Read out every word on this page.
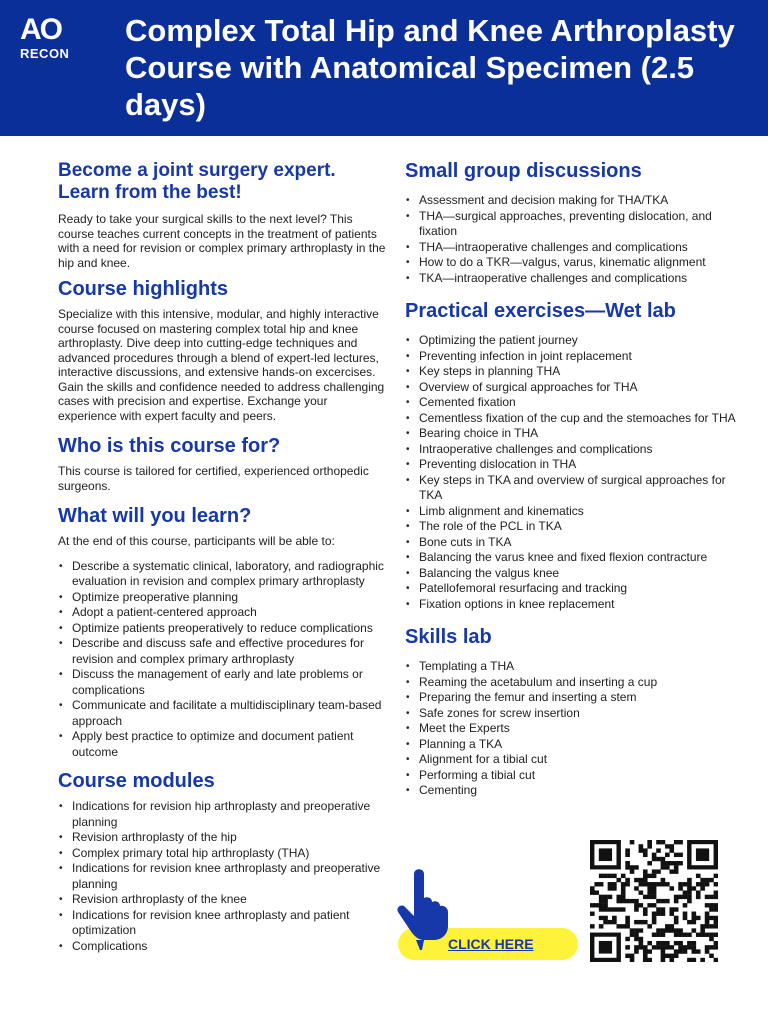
AO
RECON
Complex Total Hip and Knee Arthroplasty Course with Anatomical Specimen (2.5 days)
Become a joint surgery expert. Learn from the best!

Ready to take your surgical skills to the next level? This course teaches current concepts in the treatment of patients with a need for revision or complex primary arthroplasty in the hip and knee.

Course highlights

Specialize with this intensive, modular, and highly interactive course focused on mastering complex total hip and knee arthroplasty. Dive deep into cutting-edge techniques and advanced procedures through a blend of expert-led lectures, interactive discussions, and extensive hands-on excercises. Gain the skills and confidence needed to address challenging cases with precision and expertise. Exchange your experience with expert faculty and peers.

Who is this course for?

This course is tailored for certified, experienced orthopedic surgeons.

What will you learn?

At the end of this course, participants will be able to:

• Describe a systematic clinical, laboratory, and radiographic evaluation in revision and complex primary arthroplasty
• Optimize preoperative planning
• Adopt a patient-centered approach
• Optimize patients preoperatively to reduce complications
• Describe and discuss safe and effective procedures for revision and complex primary arthroplasty
• Discuss the management of early and late problems or complications
• Communicate and facilitate a multidisciplinary team-based approach
• Apply best practice to optimize and document patient outcome
Course modules
• Indications for revision hip arthroplasty and preoperative planning
• Revision arthroplasty of the hip
• Complex primary total hip arthroplasty (THA)
• Indications for revision knee arthroplasty and preoperative planning
• Revision arthroplasty of the knee
• Indications for revision knee arthroplasty and patient optimization
• Complications
Small group discussions
• Assessment and decision making for THA/TKA
• THA—surgical approaches, preventing dislocation, and fixation
• THA—intraoperative challenges and complications
• How to do a TKR—valgus, varus, kinematic alignment
• TKA—intraoperative challenges and complications
Practical exercises—Wet lab
• Optimizing the patient journey
• Preventing infection in joint replacement
• Key steps in planning THA
• Overview of surgical approaches for THA
• Cemented fixation
• Cementless fixation of the cup and the stemoaches for THA
• Bearing choice in THA
• Intraoperative challenges and complications
• Preventing dislocation in THA
• Key steps in TKA and overview of surgical approaches for TKA
• Limb alignment and kinematics
• The role of the PCL in TKA
• Bone cuts in TKA
• Balancing the varus knee and fixed flexion contracture
• Balancing the valgus knee
• Patellofemoral resurfacing and tracking
• Fixation options in knee replacement
Skills lab
• Templating a THA
• Reaming the acetabulum and inserting a cup
• Preparing the femur and inserting a stem
• Safe zones for screw insertion
• Meet the Experts
• Planning a TKA
• Alignment for a tibial cut
• Performing a tibial cut
• Cementing
CLICK HERE
